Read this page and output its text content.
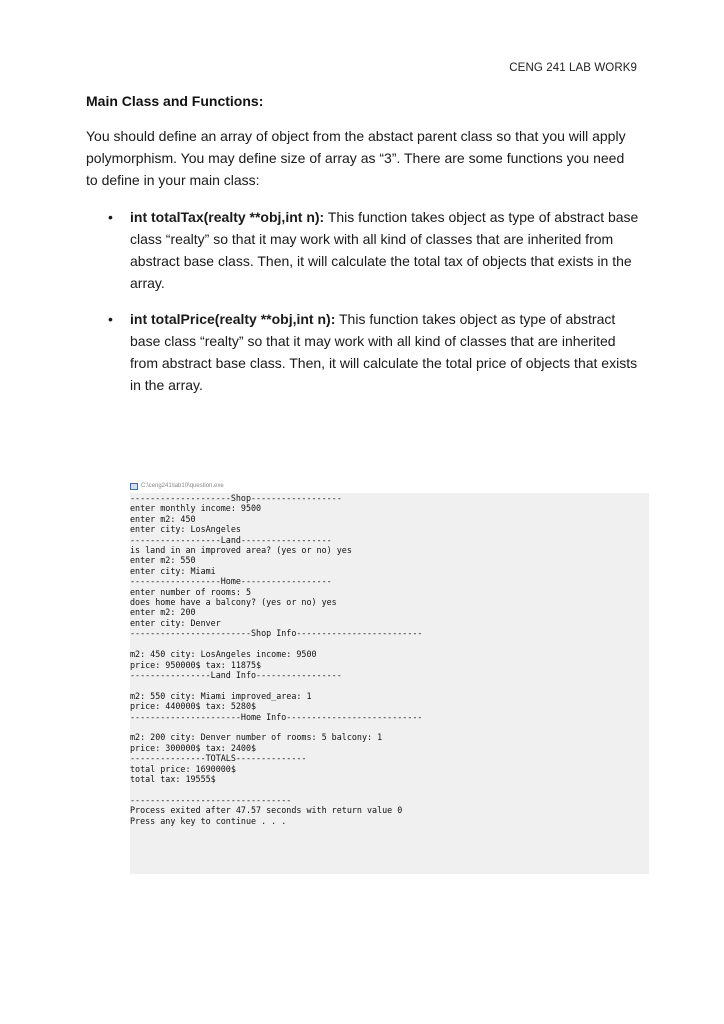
CENG 241 LAB WORK9
Main Class and Functions:

You should define an array of object from the abstact parent class so that you will apply polymorphism. You may define size of array as “3”. There are some functions you need to define in your main class:

• int totalTax(realty **obj,int n): This function takes object as type of abstract base class “realty” so that it may work with all kind of classes that are inherited from abstract base class. Then, it will calculate the total tax of objects that exists in the array.
• int totalPrice(realty **obj,int n): This function takes object as type of abstract base class “realty” so that it may work with all kind of classes that are inherited from abstract base class. Then, it will calculate the total price of objects that exists in the array.
C:\ceng241\lab10\question.exe
--------------------Shop------------------
enter monthly income: 9500
enter m2: 450
enter city: LosAngeles
------------------Land------------------
is land in an improved area? (yes or no) yes
enter m2: 550
enter city: Miami
------------------Home------------------
enter number of rooms: 5
does home have a balcony? (yes or no) yes
enter m2: 200
enter city: Denver
------------------------Shop Info-------------------------

m2: 450 city: LosAngeles income: 9500
price: 950000$ tax: 11875$
----------------Land Info-----------------

m2: 550 city: Miami improved_area: 1
price: 440000$ tax: 5280$
----------------------Home Info---------------------------

m2: 200 city: Denver number of rooms: 5 balcony: 1
price: 300000$ tax: 2400$
---------------TOTALS--------------
total price: 1690000$
total tax: 19555$

--------------------------------
Process exited after 47.57 seconds with return value 0
Press any key to continue . . .
